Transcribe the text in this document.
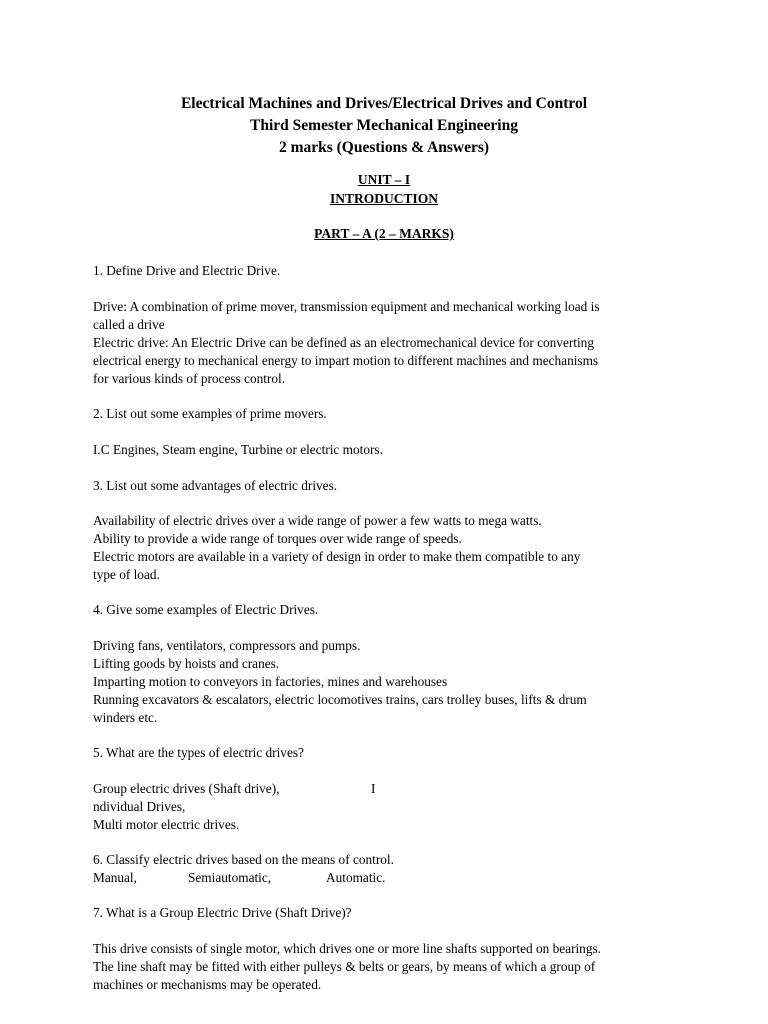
Electrical Machines and Drives/Electrical Drives and Control
Third Semester Mechanical Engineering
2 marks (Questions & Answers)
UNIT – I
INTRODUCTION
PART – A (2 – MARKS)
1. Define Drive and Electric Drive.
Drive: A combination of prime mover, transmission equipment and mechanical working load is
called a drive
Electric drive: An Electric Drive can be defined as an electromechanical device for converting
electrical energy to mechanical energy to impart motion to different machines and mechanisms
for various kinds of process control.
2. List out some examples of prime movers.
I.C Engines, Steam engine, Turbine or electric motors.
3. List out some advantages of electric drives.
Availability of electric drives over a wide range of power a few watts to mega watts.
Ability to provide a wide range of torques over wide range of speeds.
Electric motors are available in a variety of design in order to make them compatible to any
type of load.
4. Give some examples of Electric Drives.
Driving fans, ventilators, compressors and pumps.
Lifting goods by hoists and cranes.
Imparting motion to conveyors in factories, mines and warehouses
Running excavators & escalators, electric locomotives trains, cars trolley buses, lifts & drum
winders etc.
5. What are the types of electric drives?
Group electric drives (Shaft drive),	I
ndividual Drives,
Multi motor electric drives.
6. Classify electric drives based on the means of control.
Manual,	Semiautomatic,	Automatic.
7. What is a Group Electric Drive (Shaft Drive)?
This drive consists of single motor, which drives one or more line shafts supported on bearings.
The line shaft may be fitted with either pulleys & belts or gears, by means of which a group of
machines or mechanisms may be operated.
